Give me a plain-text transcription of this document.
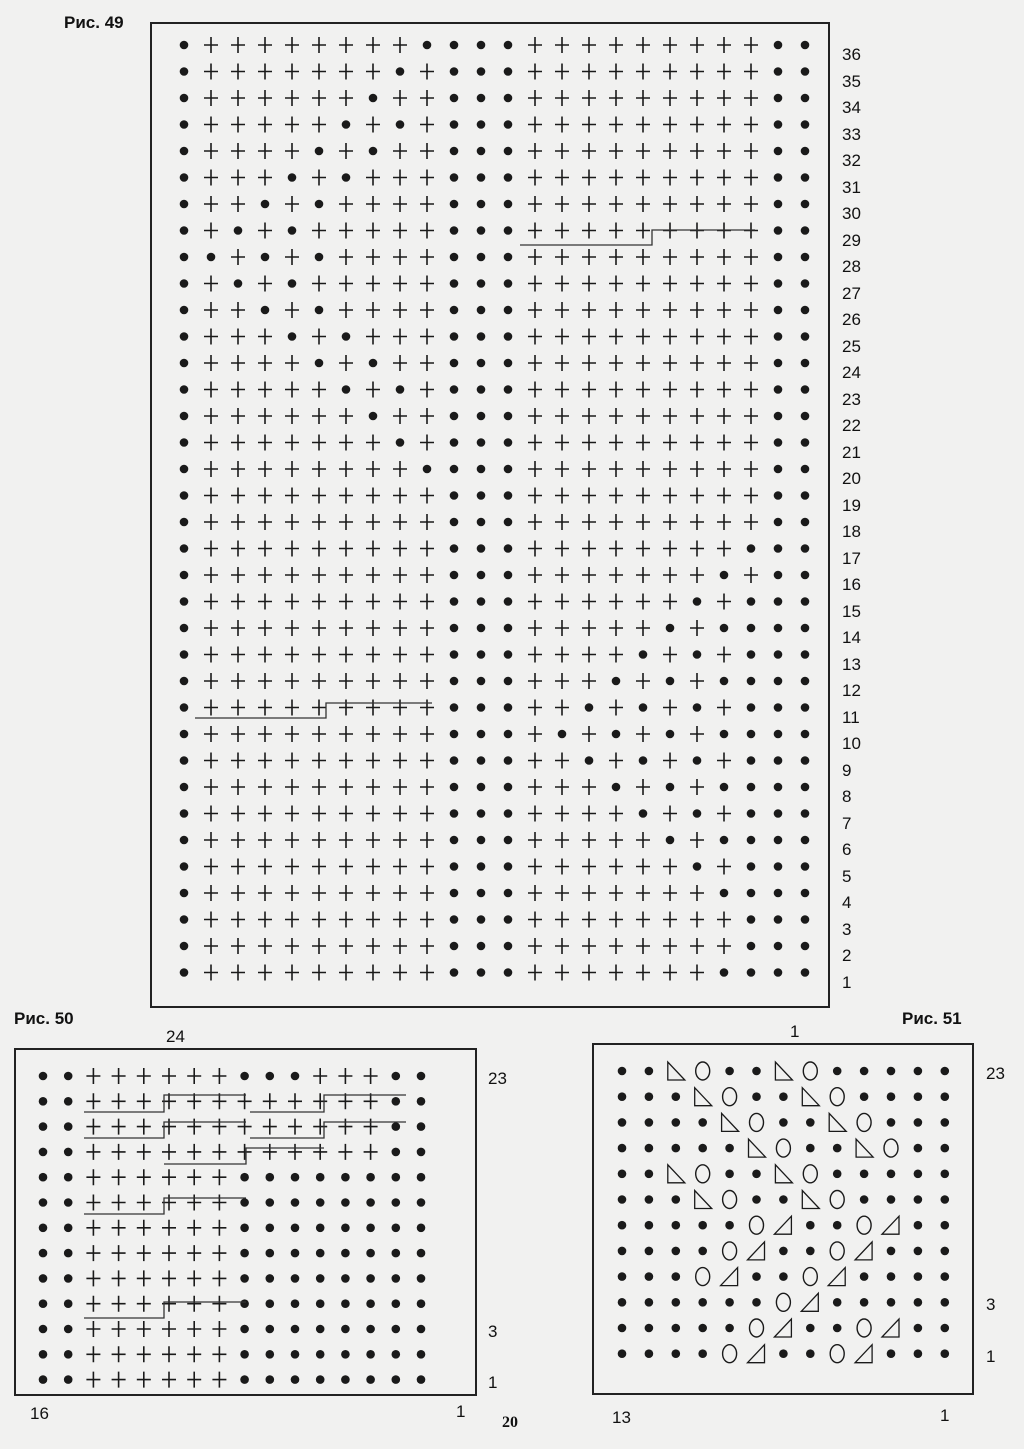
Рис. 49
1
2
3
4
5
6
7
8
9
10
11
12
13
14
15
16
17
18
19
20
21
22
23
24
25
26
27
28
29
30
31
32
33
34
35
36
Рис. 50
24
16	1
23
3
1
Рис. 51
1
13	1
23
3
1
20
